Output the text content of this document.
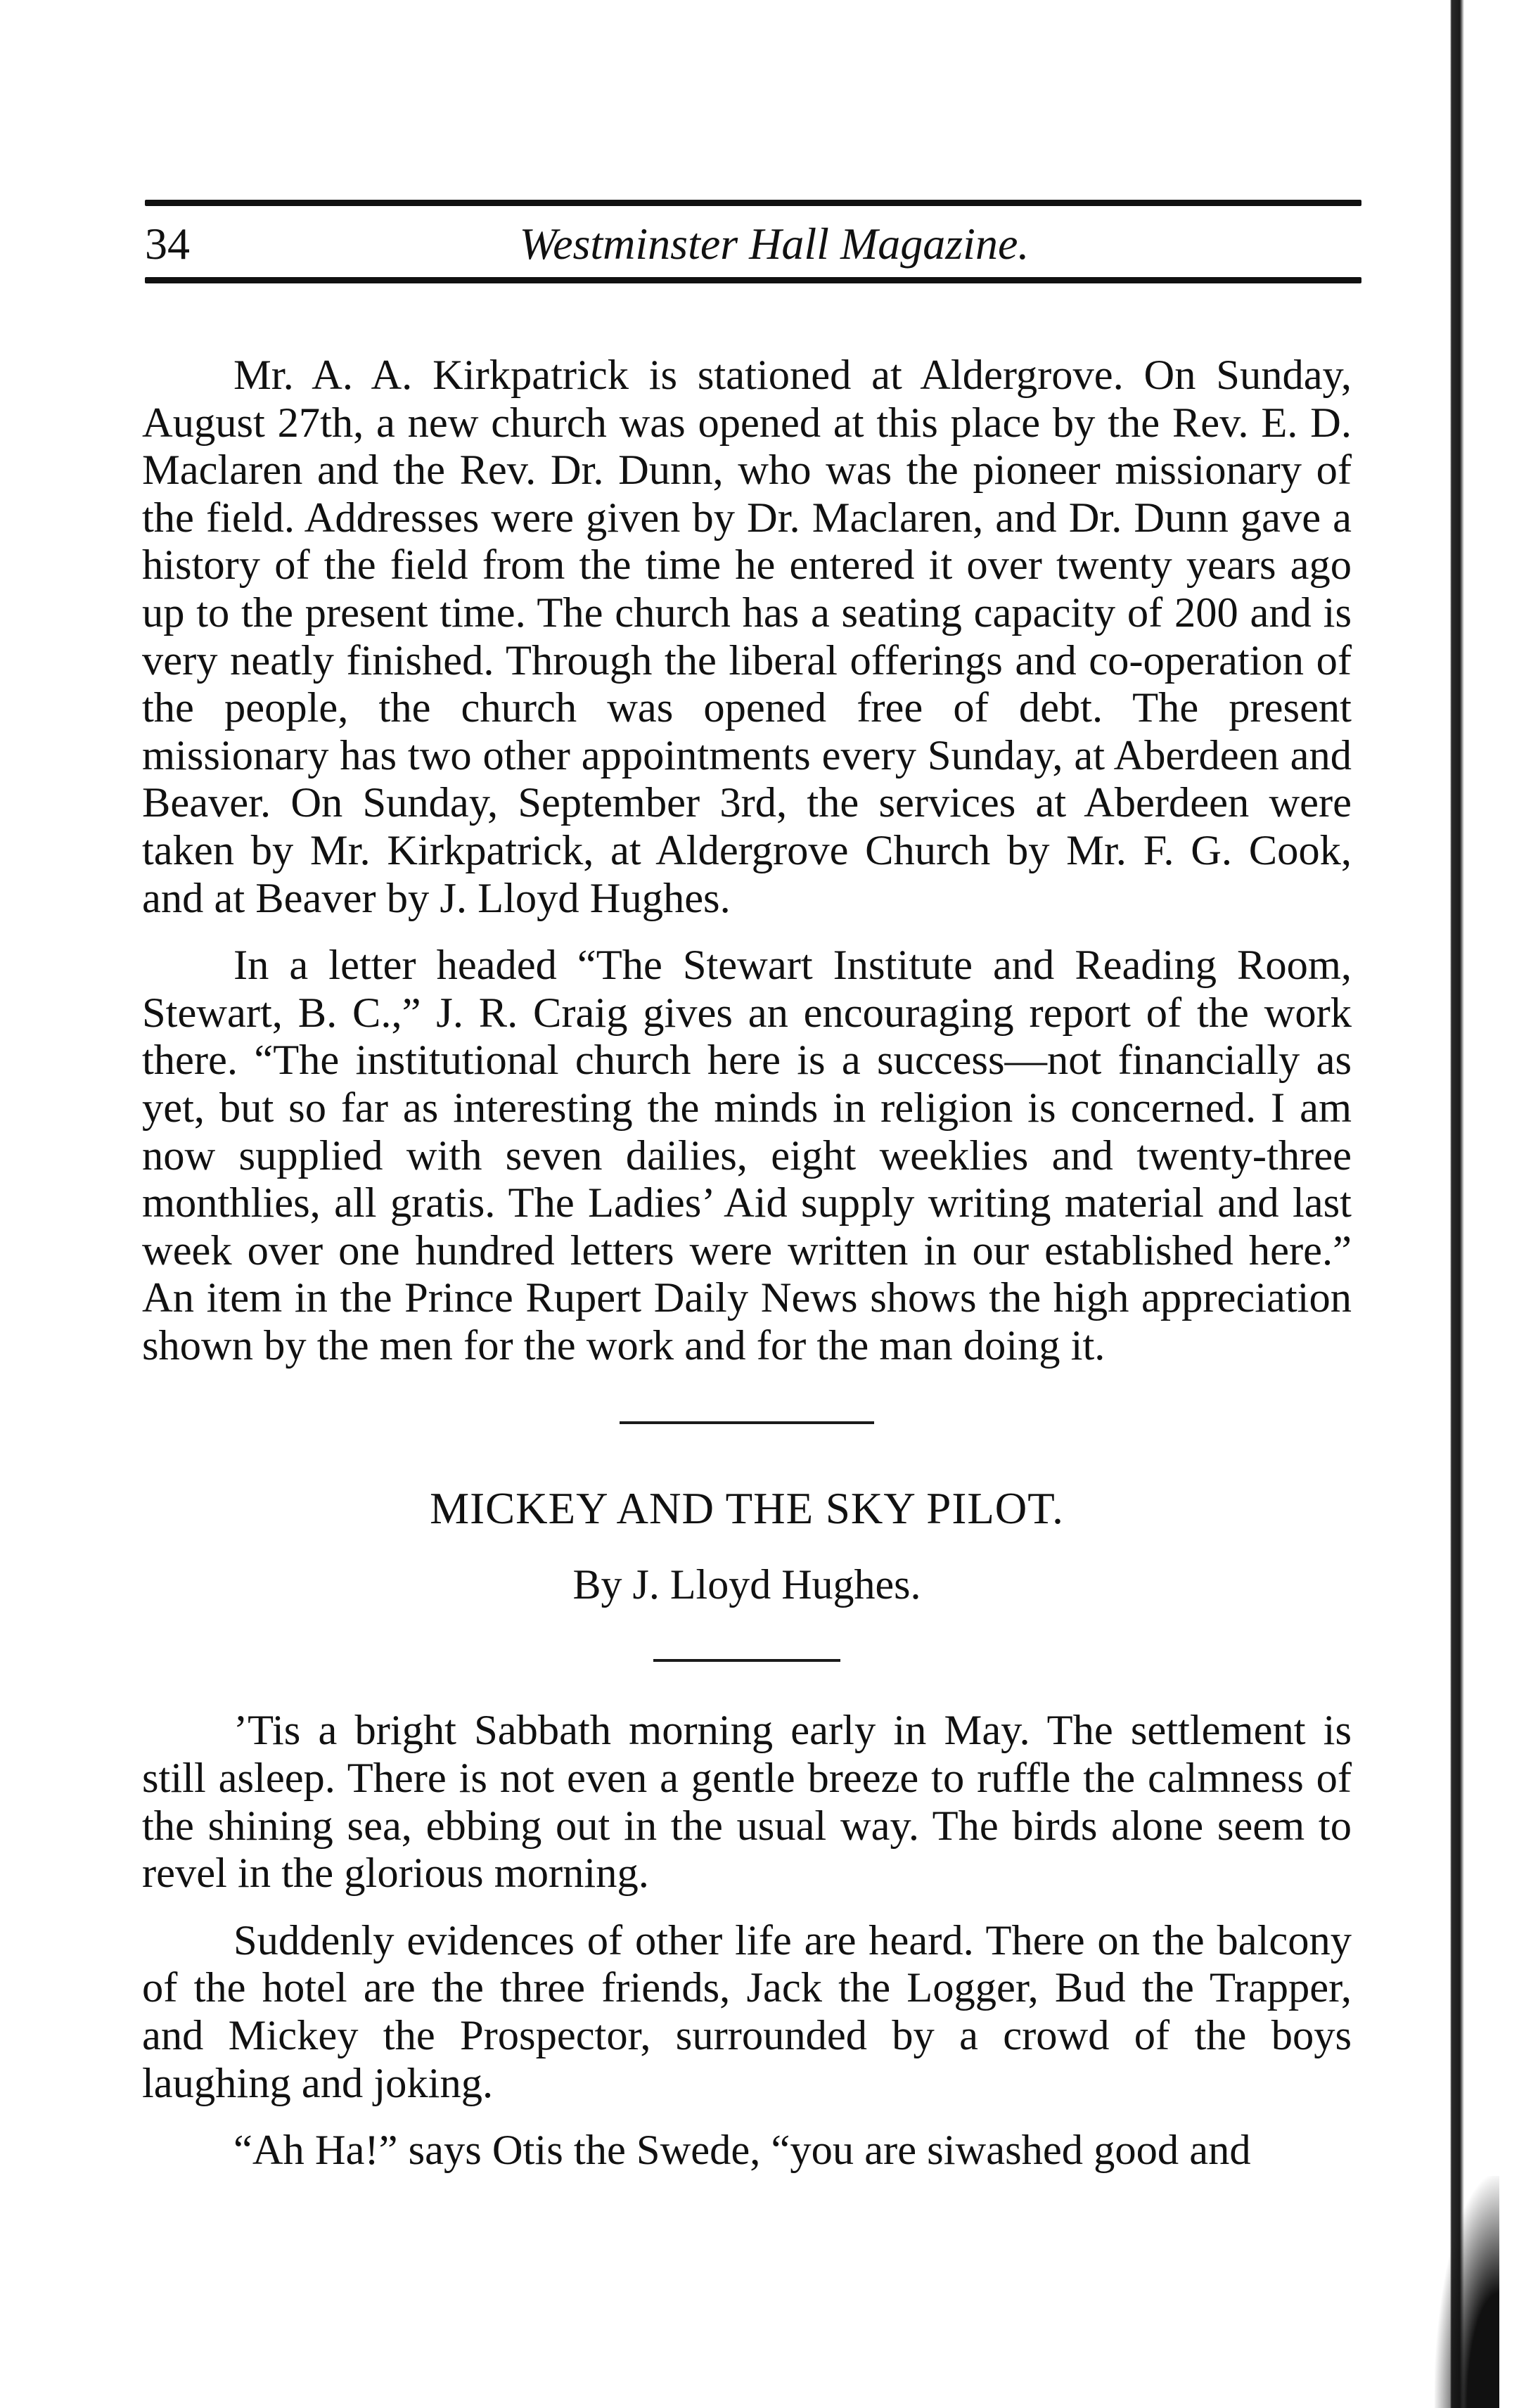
34	Westminster Hall Magazine.

Mr. A. A. Kirkpatrick is stationed at Aldergrove. On Sunday, August 27th, a new church was opened at this place by the Rev. E. D. Maclaren and the Rev. Dr. Dunn, who was the pioneer missionary of the field. Addresses were given by Dr. Maclaren, and Dr. Dunn gave a history of the field from the time he entered it over twenty years ago up to the present time. The church has a seating capacity of 200 and is very neatly finished. Through the liberal offerings and co-operation of the people, the church was opened free of debt. The present missionary has two other appointments every Sunday, at Aberdeen and Beaver. On Sunday, September 3rd, the services at Aberdeen were taken by Mr. Kirkpatrick, at Aldergrove Church by Mr. F. G. Cook, and at Beaver by J. Lloyd Hughes.

In a letter headed “The Stewart Institute and Reading Room, Stewart, B. C.,” J. R. Craig gives an encouraging report of the work there. “The institutional church here is a success—not financially as yet, but so far as interesting the minds in religion is concerned. I am now supplied with seven dailies, eight weeklies and twenty-three monthlies, all gratis. The Ladies’ Aid supply writing material and last week over one hundred letters were written in our established here.” An item in the Prince Rupert Daily News shows the high appreciation shown by the men for the work and for the man doing it.

MICKEY AND THE SKY PILOT.
By J. Lloyd Hughes.

’Tis a bright Sabbath morning early in May. The settlement is still asleep. There is not even a gentle breeze to ruffle the calmness of the shining sea, ebbing out in the usual way. The birds alone seem to revel in the glorious morning.

Suddenly evidences of other life are heard. There on the balcony of the hotel are the three friends, Jack the Logger, Bud the Trapper, and Mickey the Prospector, surrounded by a crowd of the boys laughing and joking.

“Ah Ha!” says Otis the Swede, “you are siwashed good and
